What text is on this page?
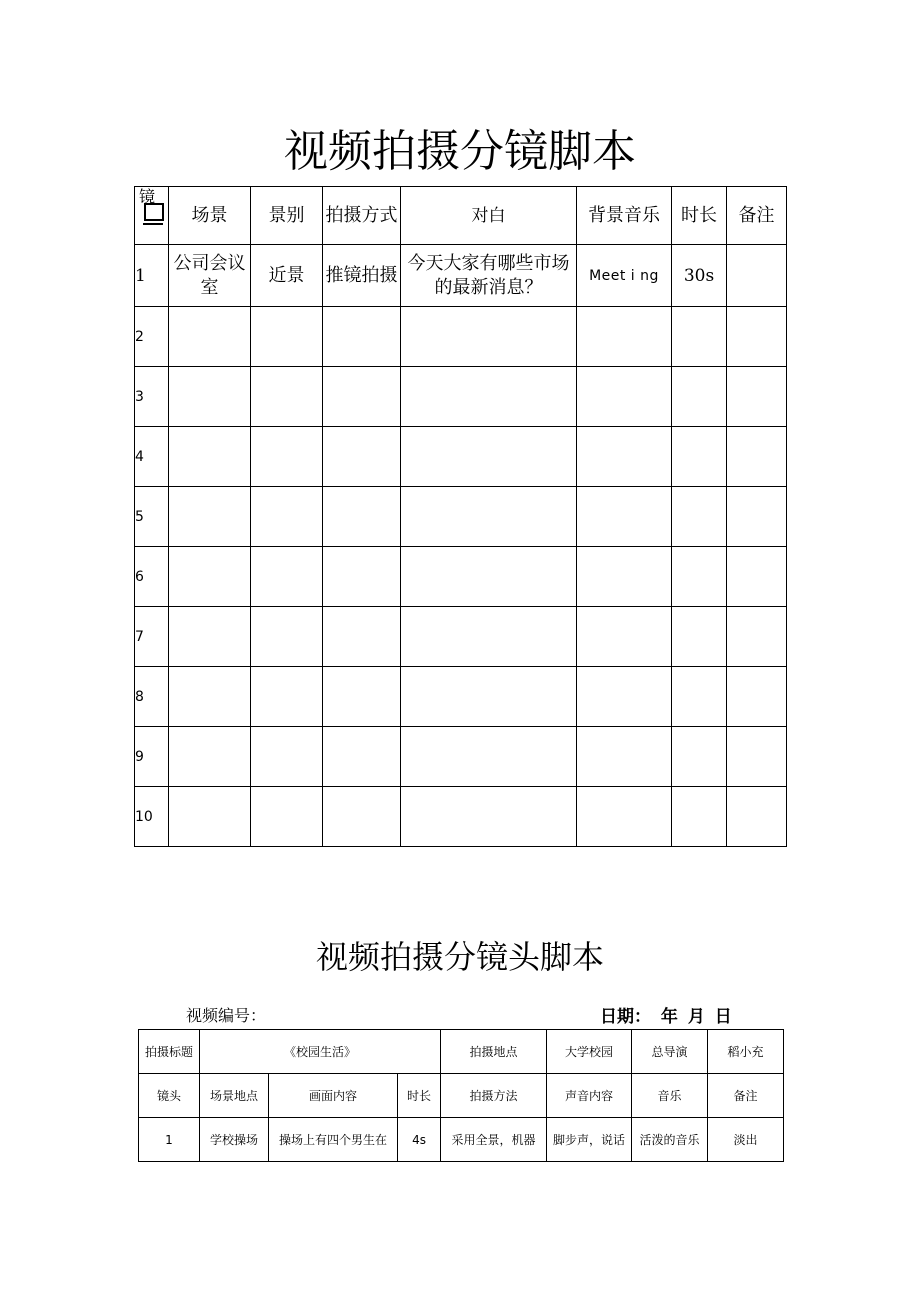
视频拍摄分镜脚本
镜	场景	景别	拍摄方式	对白	背景音乐	时长	备注
1	公司会议室	近景	推镜拍摄	今天大家有哪些市场的最新消息？	Meet i ng	30s	
2							
3							
4							
5							
6							
7							
8							
9							
10							
视频拍摄分镜头脚本
视频编号：	日期： 年 月 日
拍摄标题	《校园生活》			拍摄地点	大学校园	总导演	稻小充
镜头	场景地点	画面内容	时长	拍摄方法	声音内容	音乐	备注
1	学校操场	操场上有四个男生在	4s	采用全景，机器	脚步声，说话	活泼的音乐	淡出
